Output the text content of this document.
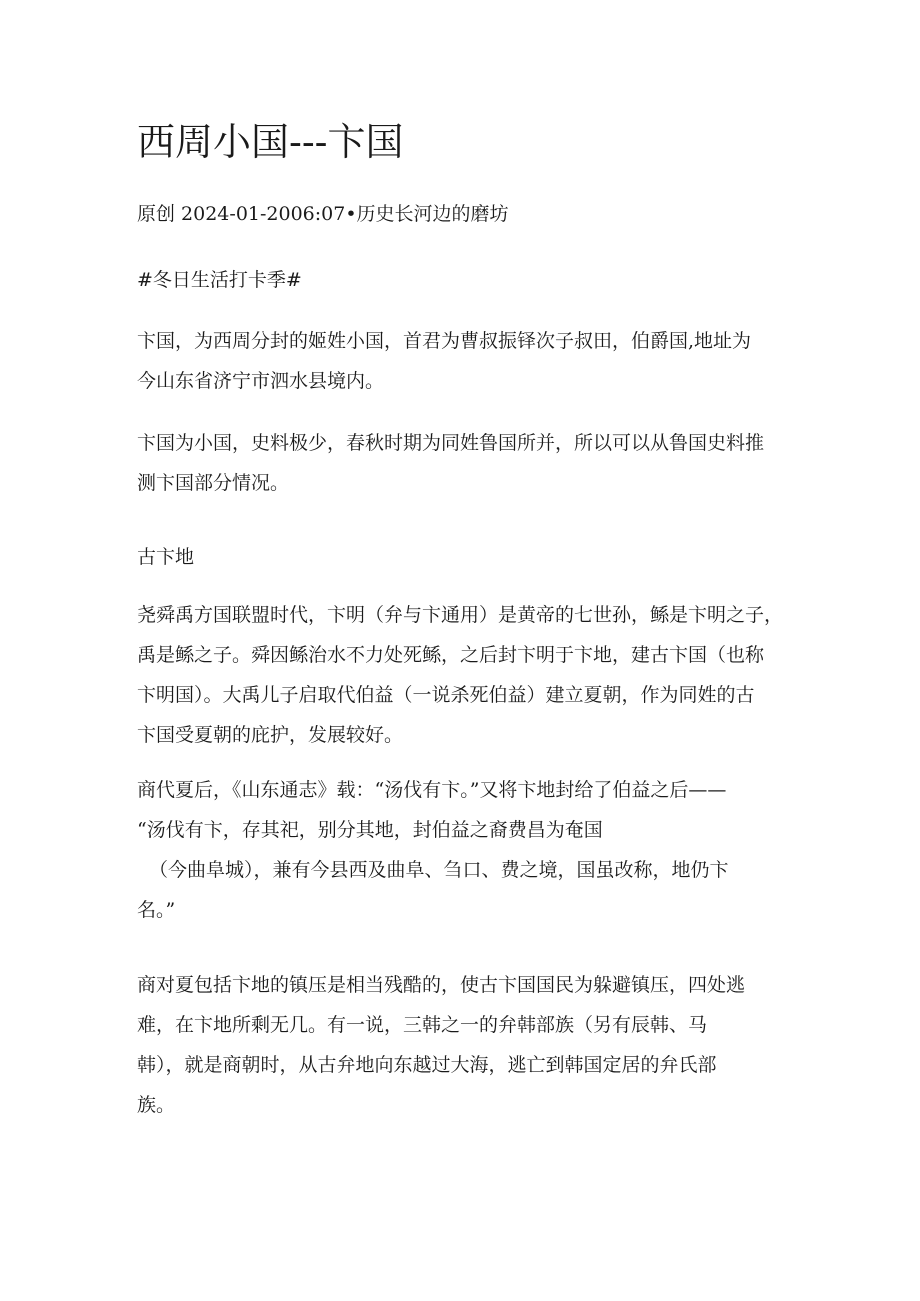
西周小国---卞国
原创 2024-01-2006:07•历史长河边的磨坊
#冬日生活打卡季#

卞国，为西周分封的姬姓小国，首君为曹叔振铎次子叔田，伯爵国,地址为
今山东省济宁市泗水县境内。

卞国为小国，史料极少，春秋时期为同姓鲁国所并，所以可以从鲁国史料推
测卞国部分情况。

古卞地

尧舜禹方国联盟时代，卞明（弁与卞通用）是黄帝的七世孙，鲧是卞明之子，
禹是鲧之子。舜因鲧治水不力处死鲧，之后封卞明于卞地，建古卞国（也称
卞明国）。大禹儿子启取代伯益（一说杀死伯益）建立夏朝，作为同姓的古
卞国受夏朝的庇护，发展较好。

商代夏后，《山东通志》载：“汤伐有卞。”又将卞地封给了伯益之后——
“汤伐有卞，存其祀，别分其地，封伯益之裔费昌为奄国
（今曲阜城），兼有今县西及曲阜、刍口、费之境，国虽改称，地仍卞
名。”

商对夏包括卞地的镇压是相当残酷的，使古卞国国民为躲避镇压，四处逃
难，在卞地所剩无几。有一说，三韩之一的弁韩部族（另有辰韩、马
韩），就是商朝时，从古弁地向东越过大海，逃亡到韩国定居的弁氏部
族。
